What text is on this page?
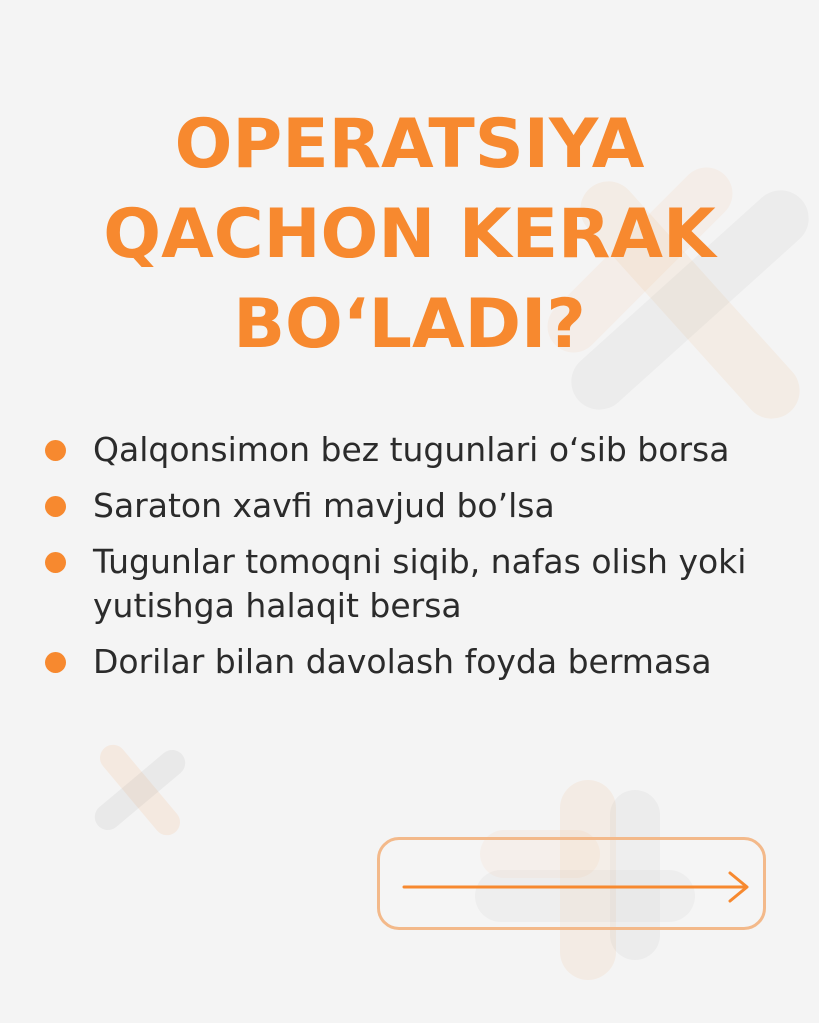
OPERATSIYA
QACHON KERAK
BO‘LADI?
Qalqonsimon bez tugunlari o‘sib borsa
Saraton xavfi mavjud bo’lsa
Tugunlar tomoqni siqib, nafas olish yoki yutishga halaqit bersa
Dorilar bilan davolash foyda bermasa
